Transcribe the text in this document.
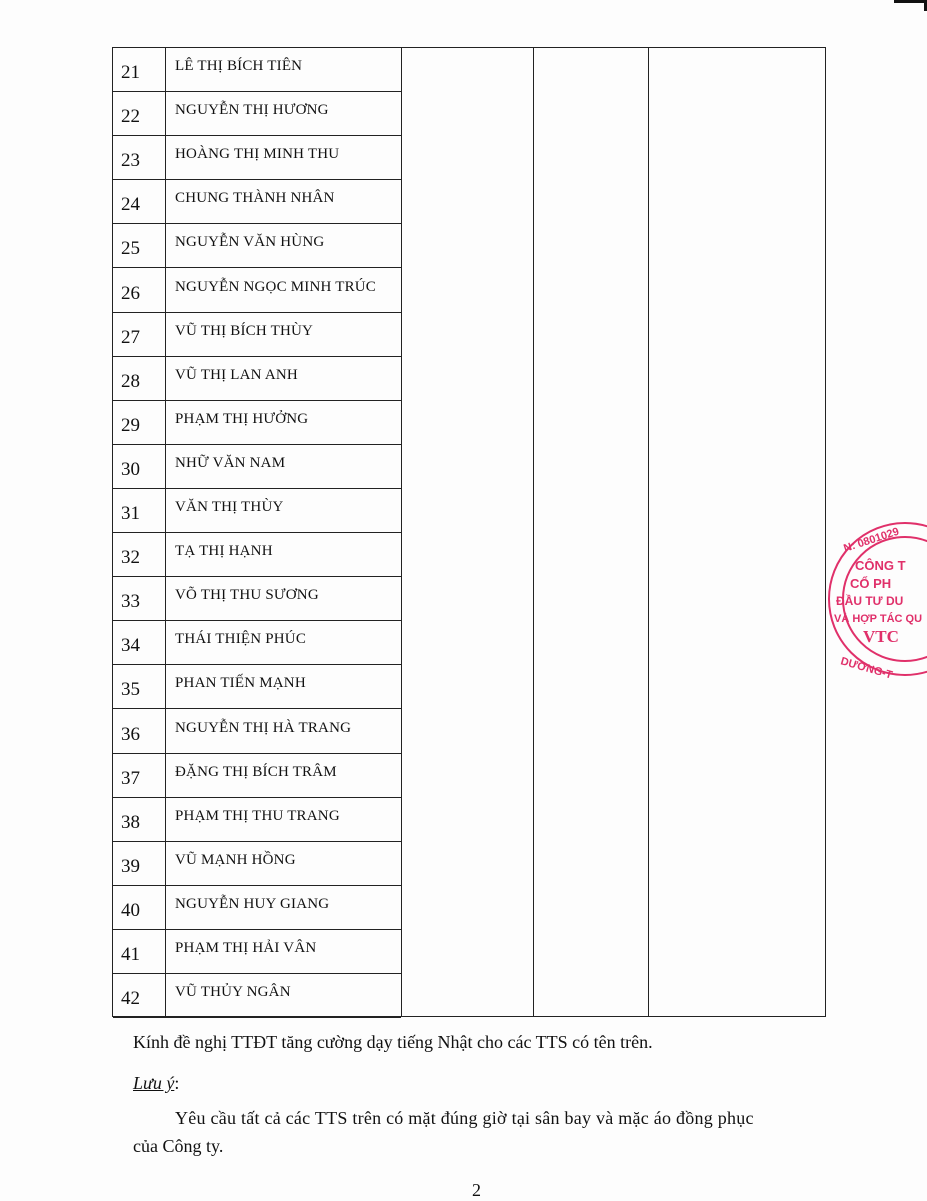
21 LÊ THỊ BÍCH TIÊN
22 NGUYỄN THỊ HƯƠNG
23 HOÀNG THỊ MINH THU
24 CHUNG THÀNH NHÂN
25 NGUYỄN VĂN HÙNG
26 NGUYỄN NGỌC MINH TRÚC
27 VŨ THỊ BÍCH THÙY
28 VŨ THỊ LAN ANH
29 PHẠM THỊ HƯỞNG
30 NHỮ VĂN NAM
31 VĂN THỊ THÙY
32 TẠ THỊ HẠNH
33 VÕ THỊ THU SƯƠNG
34 THÁI THIỆN PHÚC
35 PHAN TIẾN MẠNH
36 NGUYỄN THỊ HÀ TRANG
37 ĐẶNG THỊ BÍCH TRÂM
38 PHẠM THỊ THU TRANG
39 VŨ MẠNH HỒNG
40 NGUYỄN HUY GIANG
41 PHẠM THỊ HẢI VÂN
42 VŨ THỦY NGÂN
Kính đề nghị TTĐT tăng cường dạy tiếng Nhật cho các TTS có tên trên.
Lưu ý:
Yêu cầu tất cả các TTS trên có mặt đúng giờ tại sân bay và mặc áo đồng phục
của Công ty.
2
N: 0801029
CÔNG T
CỔ PH
ĐẦU TƯ DU
VÀ HỢP TÁC QU
VTC
DƯƠNG-T
